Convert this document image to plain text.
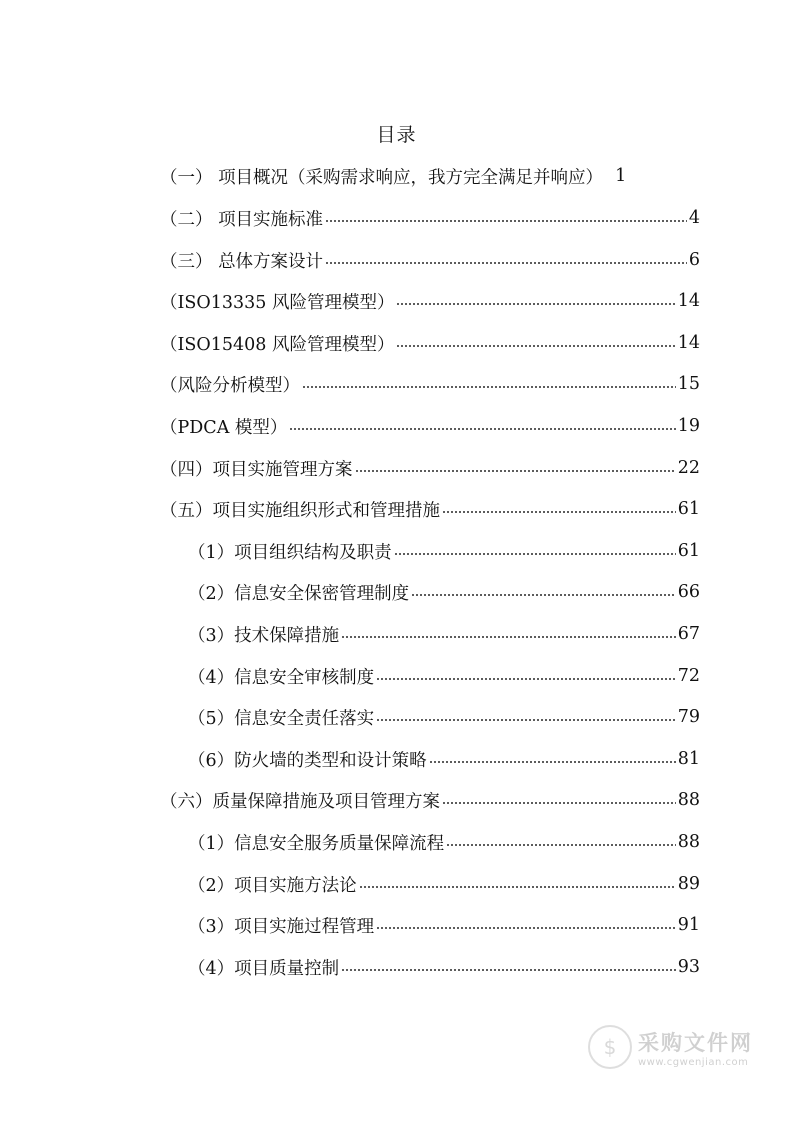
目录
（一） 项目概况（采购需求响应，我方完全满足并响应） 1
（二） 项目实施标准	4
（三） 总体方案设计	6
（ISO13335 风险管理模型）	14
（ISO15408 风险管理模型）	14
（风险分析模型）	15
（PDCA 模型）	19
（四）项目实施管理方案	22
（五）项目实施组织形式和管理措施	61
（1）项目组织结构及职责	61
（2）信息安全保密管理制度	66
（3）技术保障措施	67
（4）信息安全审核制度	72
（5）信息安全责任落实	79
（6）防火墙的类型和设计策略	81
（六）质量保障措施及项目管理方案	88
（1）信息安全服务质量保障流程	88
（2）项目实施方法论	89
（3）项目实施过程管理	91
（4）项目质量控制	93
$	采购文件网
www.cgwenjian.com
